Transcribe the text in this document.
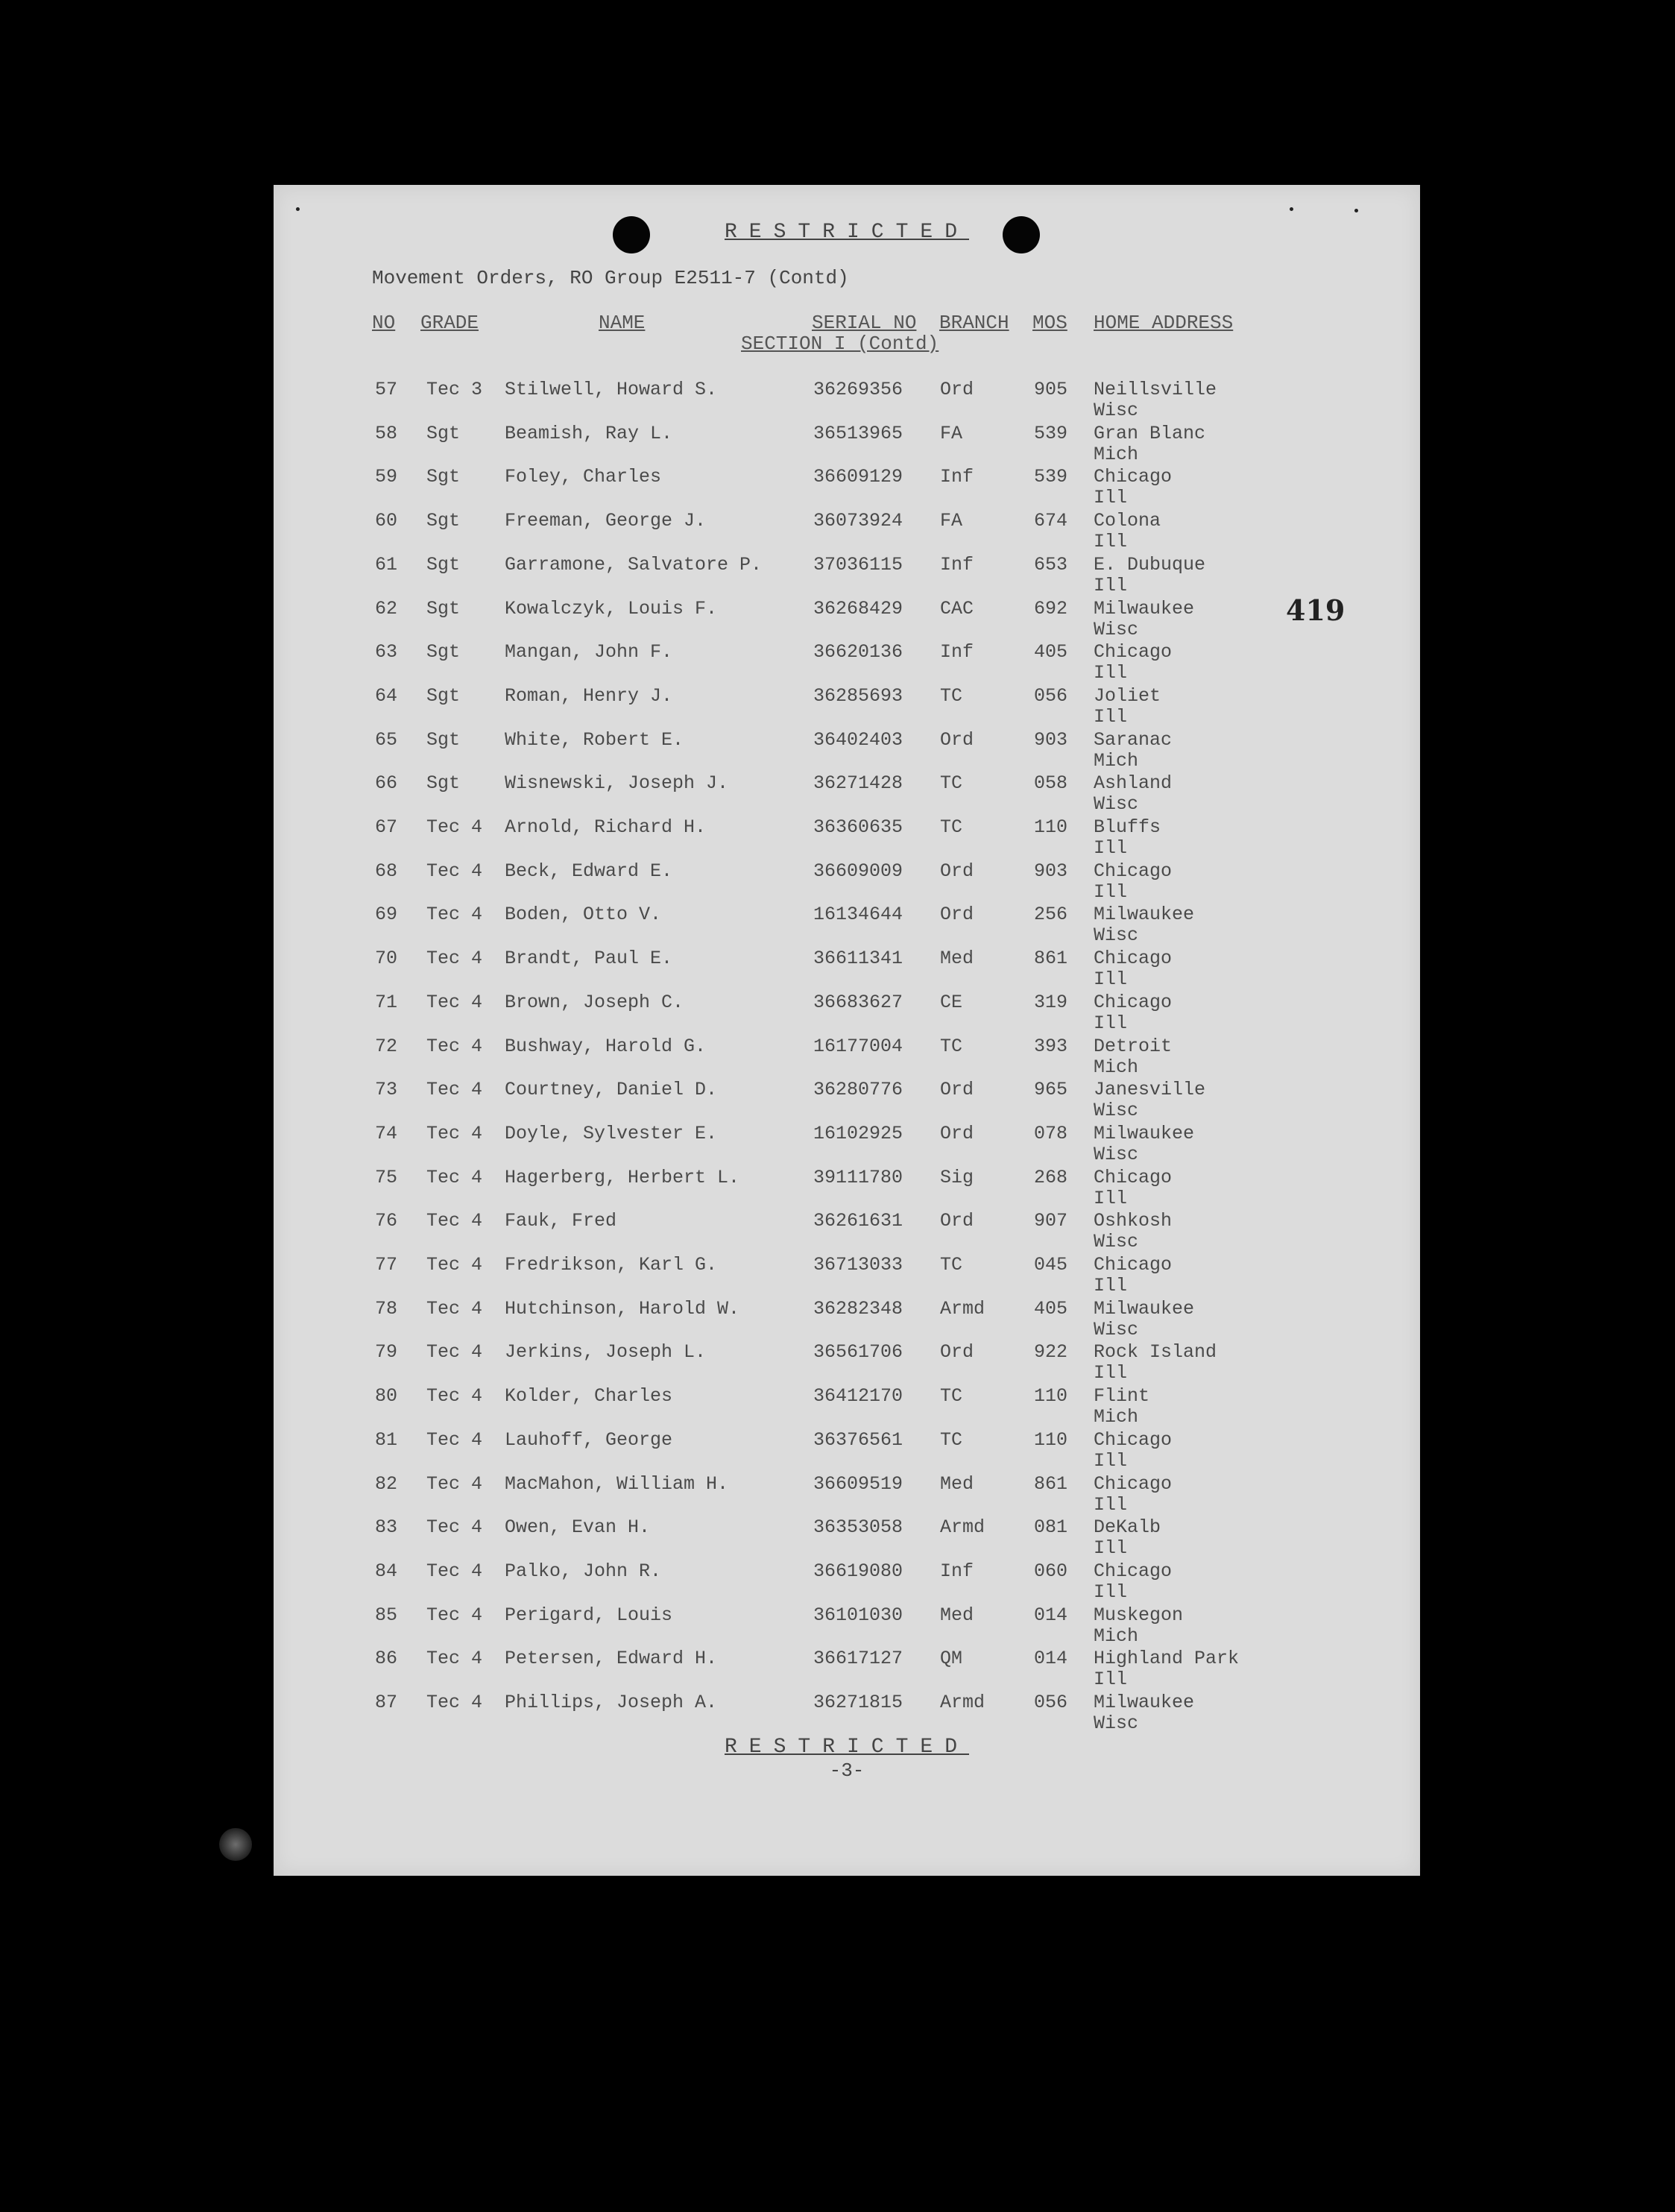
RESTRICTED
Movement Orders, RO Group E2511-7 (Contd)
NO GRADE	NAME	SERIAL NO BRANCH MOS HOME ADDRESS
SECTION I (Contd)
419
57 Tec 3 Stilwell, Howard S.	36269356 Ord	905 Neillsville
Wisc
58 Sgt Beamish, Ray L.	36513965 FA	539 Gran Blanc
Mich
59 Sgt Foley, Charles	36609129 Inf	539 Chicago
Ill
60 Sgt Freeman, George J.	36073924 FA	674 Colona
Ill
61 Sgt Garramone, Salvatore P.	37036115 Inf	653 E. Dubuque
Ill
62 Sgt Kowalczyk, Louis F.	36268429 CAC	692 Milwaukee
Wisc
63 Sgt Mangan, John F.	36620136 Inf	405 Chicago
Ill
64 Sgt Roman, Henry J.	36285693 TC	056 Joliet
Ill
65 Sgt White, Robert E.	36402403 Ord	903 Saranac
Mich
66 Sgt Wisnewski, Joseph J.	36271428 TC	058 Ashland
Wisc
67 Tec 4 Arnold, Richard H.	36360635 TC	110 Bluffs
Ill
68 Tec 4 Beck, Edward E.	36609009 Ord	903 Chicago
Ill
69 Tec 4 Boden, Otto V.	16134644 Ord	256 Milwaukee
Wisc
70 Tec 4 Brandt, Paul E.	36611341 Med	861 Chicago
Ill
71 Tec 4 Brown, Joseph C.	36683627 CE	319 Chicago
Ill
72 Tec 4 Bushway, Harold G.	16177004 TC	393 Detroit
Mich
73 Tec 4 Courtney, Daniel D.	36280776 Ord	965 Janesville
Wisc
74 Tec 4 Doyle, Sylvester E.	16102925 Ord	078 Milwaukee
Wisc
75 Tec 4 Hagerberg, Herbert L.	39111780 Sig	268 Chicago
Ill
76 Tec 4 Fauk, Fred	36261631 Ord	907 Oshkosh
Wisc
77 Tec 4 Fredrikson, Karl G.	36713033 TC	045 Chicago
Ill
78 Tec 4 Hutchinson, Harold W.	36282348 Armd	405 Milwaukee
Wisc
79 Tec 4 Jerkins, Joseph L.	36561706 Ord	922 Rock Island
Ill
80 Tec 4 Kolder, Charles	36412170 TC	110 Flint
Mich
81 Tec 4 Lauhoff, George	36376561 TC	110 Chicago
Ill
82 Tec 4 MacMahon, William H.	36609519 Med	861 Chicago
Ill
83 Tec 4 Owen, Evan H.	36353058 Armd	081 DeKalb
Ill
84 Tec 4 Palko, John R.	36619080 Inf	060 Chicago
Ill
85 Tec 4 Perigard, Louis	36101030 Med	014 Muskegon
Mich
86 Tec 4 Petersen, Edward H.	36617127 QM	014 Highland Park
Ill
87 Tec 4 Phillips, Joseph A.	36271815 Armd	056 Milwaukee
Wisc
RESTRICTED
-3-
